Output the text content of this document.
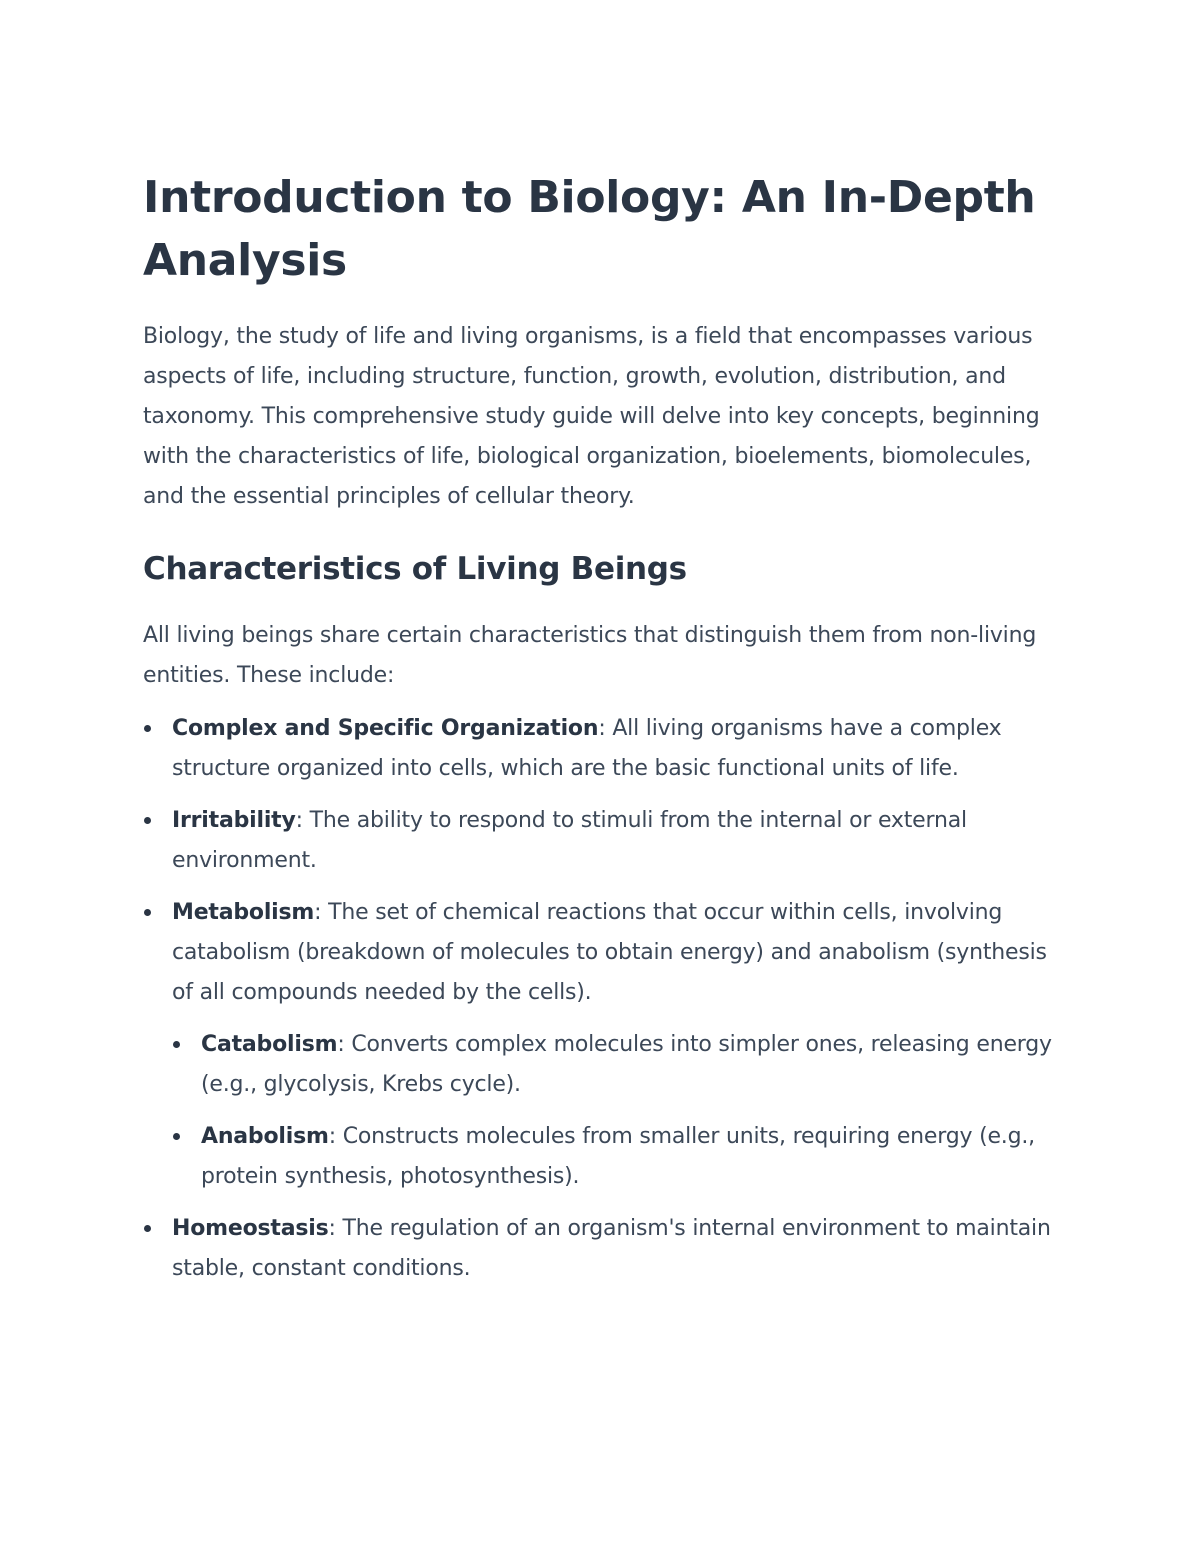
Introduction to Biology: An In-Depth Analysis

Biology, the study of life and living organisms, is a field that encompasses various aspects of life, including structure, function, growth, evolution, distribution, and taxonomy. This comprehensive study guide will delve into key concepts, beginning with the characteristics of life, biological organization, bioelements, biomolecules, and the essential principles of cellular theory.

Characteristics of Living Beings

All living beings share certain characteristics that distinguish them from non-living entities. These include:

Complex and Specific Organization: All living organisms have a complex structure organized into cells, which are the basic functional units of life.
Irritability: The ability to respond to stimuli from the internal or external environment.
Metabolism: The set of chemical reactions that occur within cells, involving catabolism (breakdown of molecules to obtain energy) and anabolism (synthesis of all compounds needed by the cells).
Catabolism: Converts complex molecules into simpler ones, releasing energy (e.g., glycolysis, Krebs cycle).
Anabolism: Constructs molecules from smaller units, requiring energy (e.g., protein synthesis, photosynthesis).
Homeostasis: The regulation of an organism's internal environment to maintain stable, constant conditions.
